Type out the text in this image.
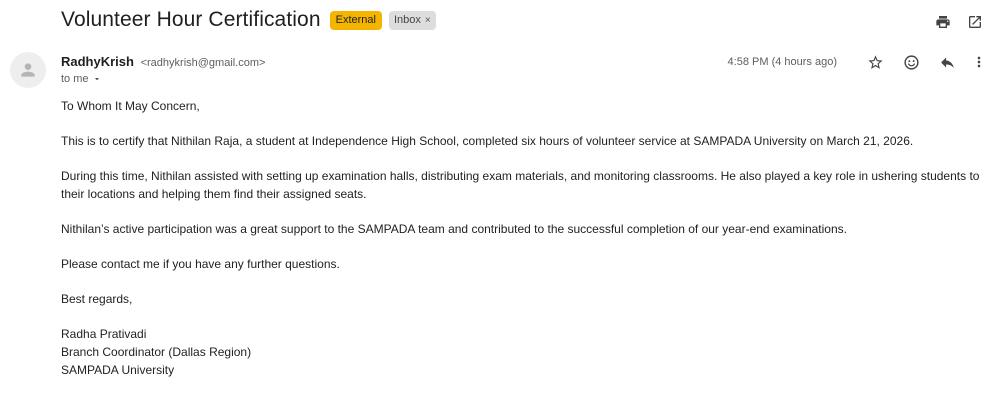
Volunteer Hour Certification	External	Inbox ×
RadhyKrish <radhykrish@gmail.com>
to me
4:58 PM (4 hours ago)

To Whom It May Concern,

This is to certify that Nithilan Raja, a student at Independence High School, completed six hours of volunteer service at SAMPADA University on March 21, 2026.

During this time, Nithilan assisted with setting up examination halls, distributing exam materials, and monitoring classrooms. He also played a key role in ushering students to their locations and helping them find their assigned seats.

Nithilan’s active participation was a great support to the SAMPADA team and contributed to the successful completion of our year-end examinations.

Please contact me if you have any further questions.

Best regards,

Radha Prativadi
Branch Coordinator (Dallas Region)
SAMPADA University
